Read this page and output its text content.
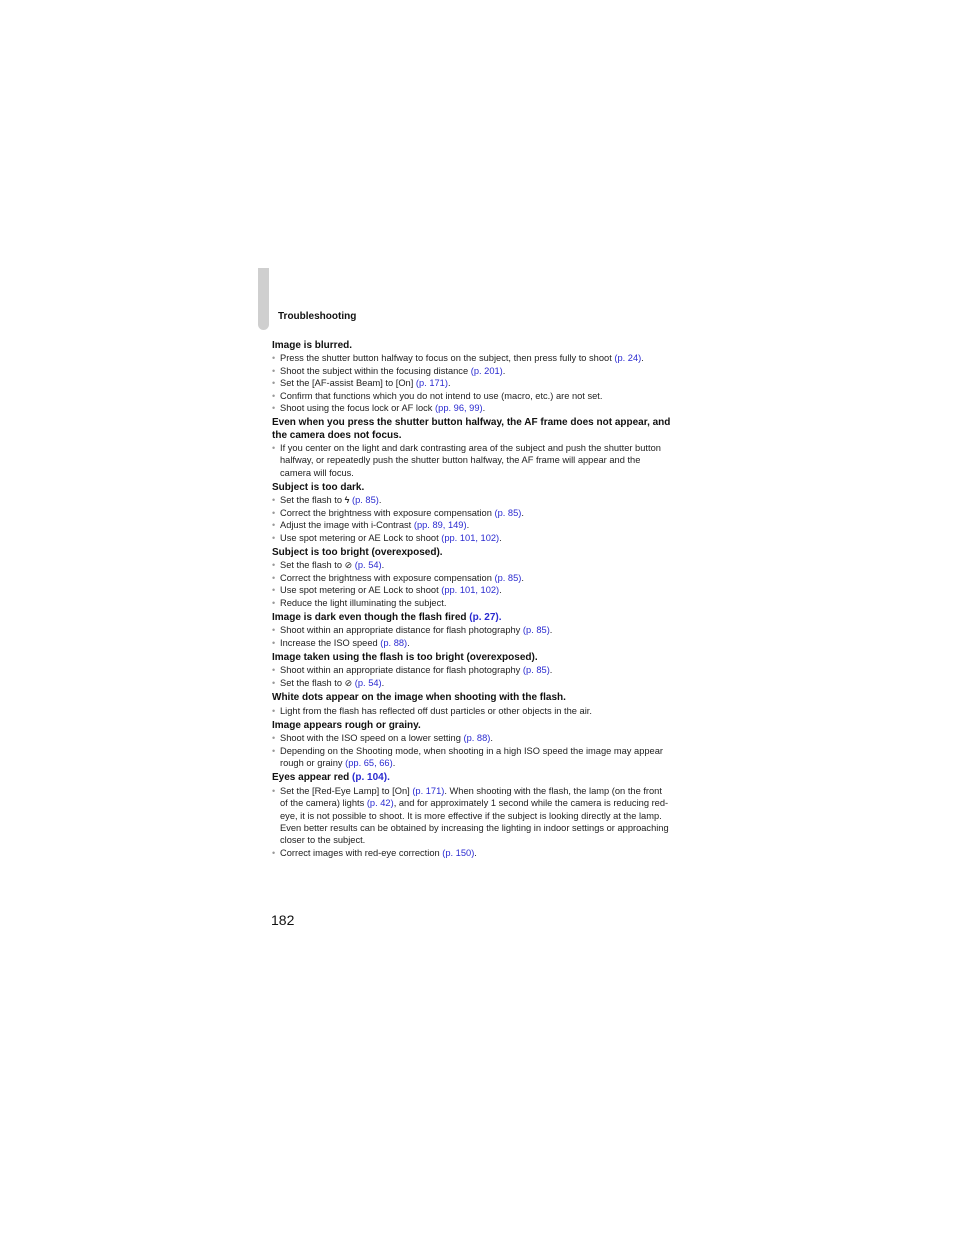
Troubleshooting

Image is blurred.

• Press the shutter button halfway to focus on the subject, then press fully to shoot (p. 24).
• Shoot the subject within the focusing distance (p. 201).
• Set the [AF-assist Beam] to [On] (p. 171).
• Confirm that functions which you do not intend to use (macro, etc.) are not set.
• Shoot using the focus lock or AF lock (pp. 96, 99).

Even when you press the shutter button halfway, the AF frame does not appear, and the camera does not focus.

• If you center on the light and dark contrasting area of the subject and push the shutter button halfway, or repeatedly push the shutter button halfway, the AF frame will appear and the camera will focus.

Subject is too dark.

• Set the flash to ϟ (p. 85).
• Correct the brightness with exposure compensation (p. 85).
• Adjust the image with i-Contrast (pp. 89, 149).
• Use spot metering or AE Lock to shoot (pp. 101, 102).

Subject is too bright (overexposed).

• Set the flash to ⊘ (p. 54).
• Correct the brightness with exposure compensation (p. 85).
• Use spot metering or AE Lock to shoot (pp. 101, 102).
• Reduce the light illuminating the subject.

Image is dark even though the flash fired (p. 27).

• Shoot within an appropriate distance for flash photography (p. 85).
• Increase the ISO speed (p. 88).

Image taken using the flash is too bright (overexposed).

• Shoot within an appropriate distance for flash photography (p. 85).
• Set the flash to ⊘ (p. 54).

White dots appear on the image when shooting with the flash.

• Light from the flash has reflected off dust particles or other objects in the air.

Image appears rough or grainy.

• Shoot with the ISO speed on a lower setting (p. 88).
• Depending on the Shooting mode, when shooting in a high ISO speed the image may appear rough or grainy (pp. 65, 66).

Eyes appear red (p. 104).

• Set the [Red-Eye Lamp] to [On] (p. 171). When shooting with the flash, the lamp (on the front of the camera) lights (p. 42), and for approximately 1 second while the camera is reducing red-eye, it is not possible to shoot. It is more effective if the subject is looking directly at the lamp. Even better results can be obtained by increasing the lighting in indoor settings or approaching closer to the subject.
• Correct images with red-eye correction (p. 150).
182
